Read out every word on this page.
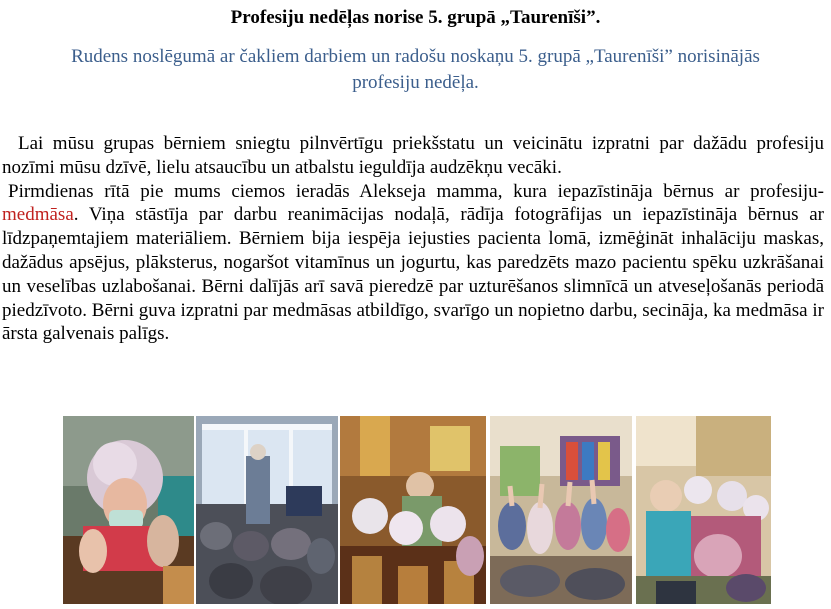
Profesiju nedēļas norise 5. grupā „Taurenīši”.
Rudens noslēgumā ar čakliem darbiem un radošu noskaņu 5. grupā „Taurenīši” norisinājās profesiju nedēļa.

Lai mūsu grupas bērniem sniegtu pilnvērtīgu priekšstatu un veicinātu izpratni par dažādu profesiju nozīmi mūsu dzīvē, lielu atsaucību un atbalstu ieguldīja audzēkņu vecāki.

Pirmdienas rītā pie mums ciemos ieradās Alekseja mamma, kura iepazīstināja bērnus ar profesiju- medmāsa. Viņa stāstīja par darbu reanimācijas nodaļā, rādīja fotogrāfijas un iepazīstināja bērnus ar līdzpaņemtajiem materiāliem. Bērniem bija iespēja iejusties pacienta lomā, izmēģināt inhalāciju maskas, dažādus apsējus, plāksterus, nogaršot vitamīnus un jogurtu, kas paredzēts mazo pacientu spēku uzkrāšanai un veselības uzlabošanai. Bērni dalījās arī savā pieredzē par uzturēšanos slimnīcā un atveseļošanās periodā piedzīvoto. Bērni guva izpratni par medmāsas atbildīgo, svarīgo un nopietno darbu, secināja, ka medmāsa ir ārsta galvenais palīgs.
